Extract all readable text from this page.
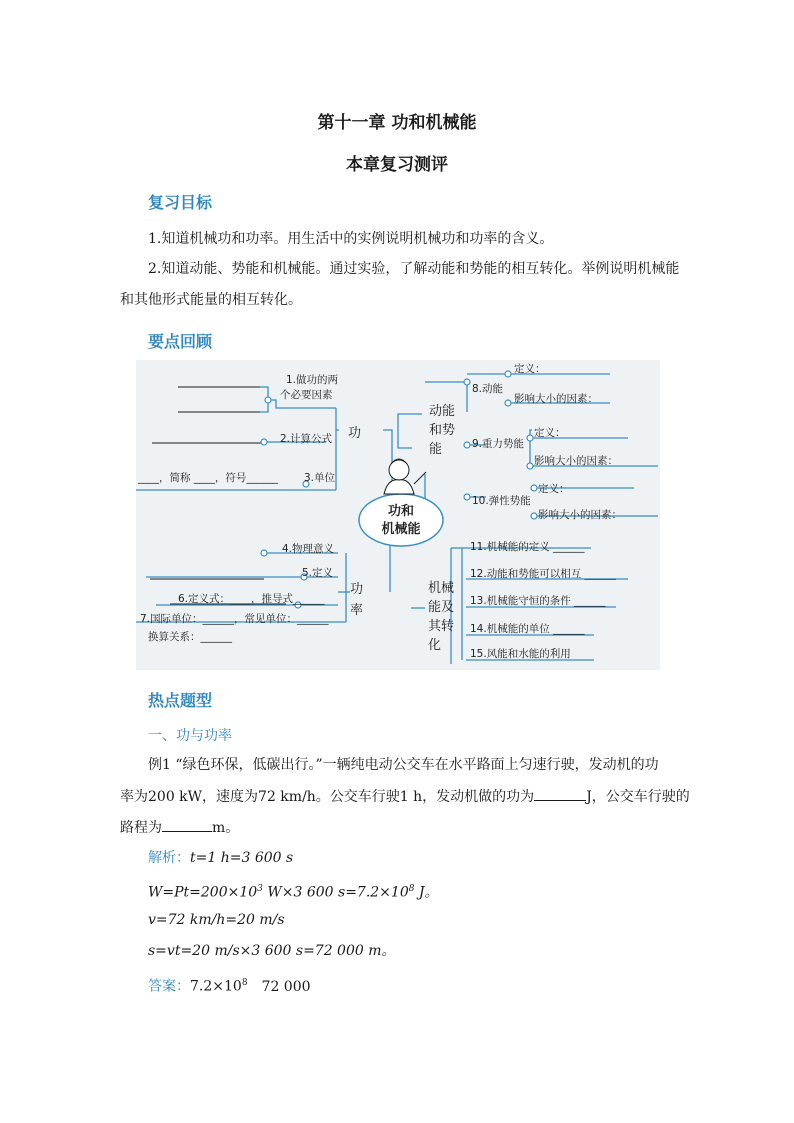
第十一章 功和机械能
本章复习测评
复习目标
1.知道机械功和功率。用生活中的实例说明机械功和功率的含义。
2.知道动能、势能和机械能。通过实验，了解动能和势能的相互转化。举例说明机械能
和其他形式能量的相互转化。
要点回顾
功和
机械能
功
1.做功的两
个必要因素
2.计算公式
3.单位
____，简称 ____，符号______
功
率
4.物理意义
5.定义
6.定义式：____，推导式______
7.国际单位：______，常见单位：______
换算关系：______
动能
和势
能
8.动能
定义：
影响大小的因素：
9.重力势能
定义：
影响大小的因素：
10.弹性势能
定义：
影响大小的因素：
机械
能及
其转
化
11.机械能的定义 ______
12.动能和势能可以相互 ______
13.机械能守恒的条件 ______
14.机械能的单位 ______
15.风能和水能的利用
热点题型
一、功与功率
例1 “绿色环保，低碳出行。”一辆纯电动公交车在水平路面上匀速行驶，发动机的功
率为200 kW，速度为72 km/h。公交车行驶1 h，发动机做的功为	J，公交车行驶的
路程为	m。
解析：t=1 h=3 600 s
$W=Pt=200\times 10^3$ W×3 600 $s=7.2\times 10^8$ J。
v=72 km/h=20 m/s
s=vt=20 m/s×3 600 s=72 000 m。
答案：$7.2\times 10^8$ 72 000
